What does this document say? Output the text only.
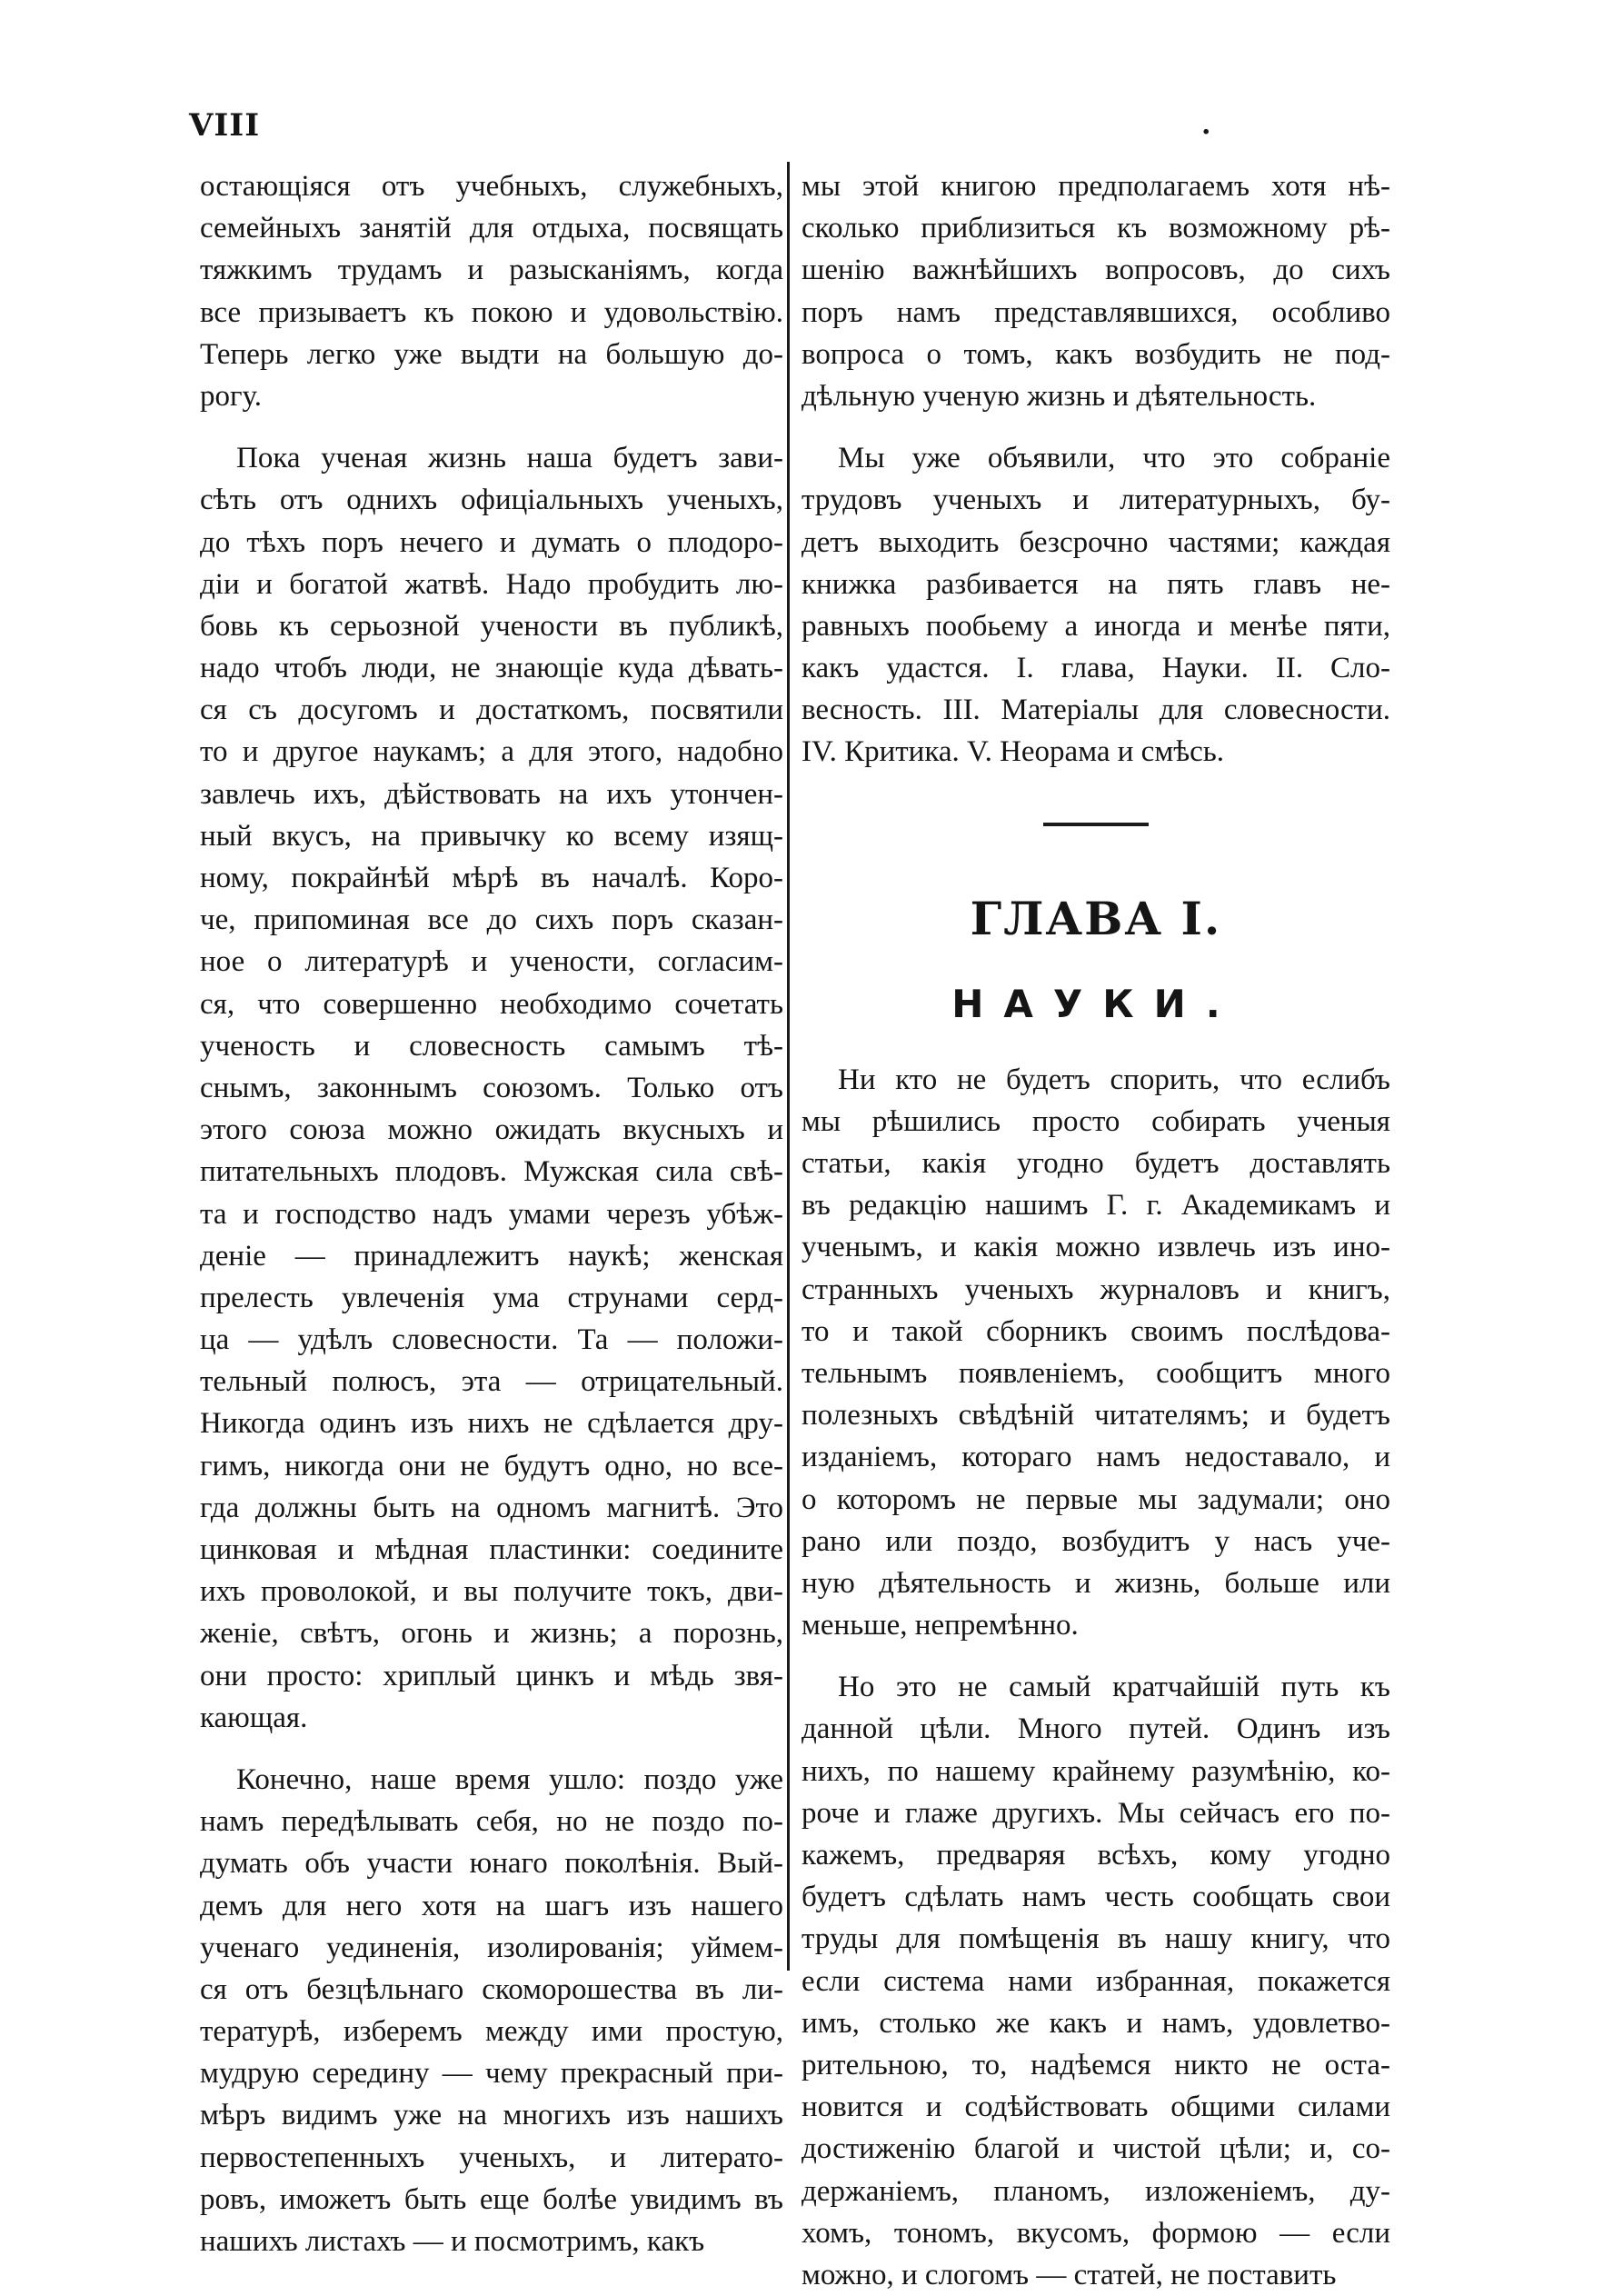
VIII	.
остающіяся отъ учебныхъ, служебныхъ,
семейныхъ занятій для отдыха, посвящать
тяжкимъ трудамъ и разысканіямъ, когда
все призываетъ къ покою и удовольствію.
Теперь легко уже выдти на большую до-
рогу.
Пока ученая жизнь наша будетъ зави-
сѣть отъ однихъ офиціальныхъ ученыхъ,
до тѣхъ поръ нечего и думать о плодоро-
діи и богатой жатвѣ. Надо пробудить лю-
бовь къ серьозной учености въ публикѣ,
надо чтобъ люди, не знающіе куда дѣвать-
ся съ досугомъ и достаткомъ, посвятили
то и другое наукамъ; а для этого, надобно
завлечь ихъ, дѣйствовать на ихъ утончен-
ный вкусъ, на привычку ко всему изящ-
ному, покрайнѣй мѣрѣ въ началѣ. Коро-
че, припоминая все до сихъ поръ сказан-
ное о литературѣ и учености, согласим-
ся, что совершенно необходимо сочетать
ученость и словесность самымъ тѣ-
снымъ, законнымъ союзомъ. Только отъ
этого союза можно ожидать вкусныхъ и
питательныхъ плодовъ. Мужская сила свѣ-
та и господство надъ умами черезъ убѣж-
деніе — принадлежитъ наукѣ; женская
прелесть увлеченія ума струнами серд-
ца — удѣлъ словесности. Та — положи-
тельный полюсъ, эта — отрицательный.
Никогда одинъ изъ нихъ не сдѣлается дру-
гимъ, никогда они не будутъ одно, но все-
гда должны быть на одномъ магнитѣ. Это
цинковая и мѣдная пластинки: соедините
ихъ проволокой, и вы получите токъ, дви-
женіе, свѣтъ, огонь и жизнь; а порознь,
они просто: хриплый цинкъ и мѣдь звя-
кающая.
Конечно, наше время ушло: поздо уже
намъ передѣлывать себя, но не поздо по-
думать объ участи юнаго поколѣнія. Вый-
демъ для него хотя на шагъ изъ нашего
ученаго уединенія, изолированія; уймем-
ся отъ безцѣльнаго скоморошества въ ли-
тературѣ, изберемъ между ими простую,
мудрую середину — чему прекрасный при-
мѣръ видимъ уже на многихъ изъ нашихъ
первостепенныхъ ученыхъ, и литерато-
ровъ, иможетъ быть еще болѣе увидимъ въ
нашихъ листахъ — и посмотримъ, какъ
мы этой книгою предполагаемъ хотя нѣ-
сколько приблизиться къ возможному рѣ-
шенію важнѣйшихъ вопросовъ, до сихъ
поръ намъ представлявшихся, особливо
вопроса о томъ, какъ возбудить не под-
дѣльную ученую жизнь и дѣятельность.
Мы уже объявили, что это собраніе
трудовъ ученыхъ и литературныхъ, бу-
детъ выходить безсрочно частями; каждая
книжка разбивается на пять главъ не-
равныхъ пообьему а иногда и менѣе пяти,
какъ удастся. I. глава, Науки. II. Сло-
весность. III. Матеріалы для словесности.
IV. Критика. V. Неорама и смѣсь.
ГЛАВА I.
НАУКИ.
Ни кто не будетъ спорить, что еслибъ
мы рѣшились просто собирать ученыя
статьи, какія угодно будетъ доставлять
въ редакцію нашимъ Г. г. Академикамъ и
ученымъ, и какія можно извлечь изъ ино-
странныхъ ученыхъ журналовъ и книгъ,
то и такой сборникъ своимъ послѣдова-
тельнымъ появленіемъ, сообщитъ много
полезныхъ свѣдѣній читателямъ; и будетъ
изданіемъ, котораго намъ недоставало, и
о которомъ не первые мы задумали; оно
рано или поздо, возбудитъ у насъ уче-
ную дѣятельность и жизнь, больше или
меньше, непремѣнно.
Но это не самый кратчайшій путь къ
данной цѣли. Много путей. Одинъ изъ
нихъ, по нашему крайнему разумѣнію, ко-
роче и глаже другихъ. Мы сейчасъ его по-
кажемъ, предваряя всѣхъ, кому угодно
будетъ сдѣлать намъ честь сообщать свои
труды для помѣщенія въ нашу книгу, что
если система нами избранная, покажется
имъ, столько же какъ и намъ, удовлетво-
рительною, то, надѣемся никто не оста-
новится и содѣйствовать общими силами
достиженію благой и чистой цѣли; и, со-
держаніемъ, планомъ, изложеніемъ, ду-
хомъ, тономъ, вкусомъ, формою — если
можно, и слогомъ — статей, не поставить
